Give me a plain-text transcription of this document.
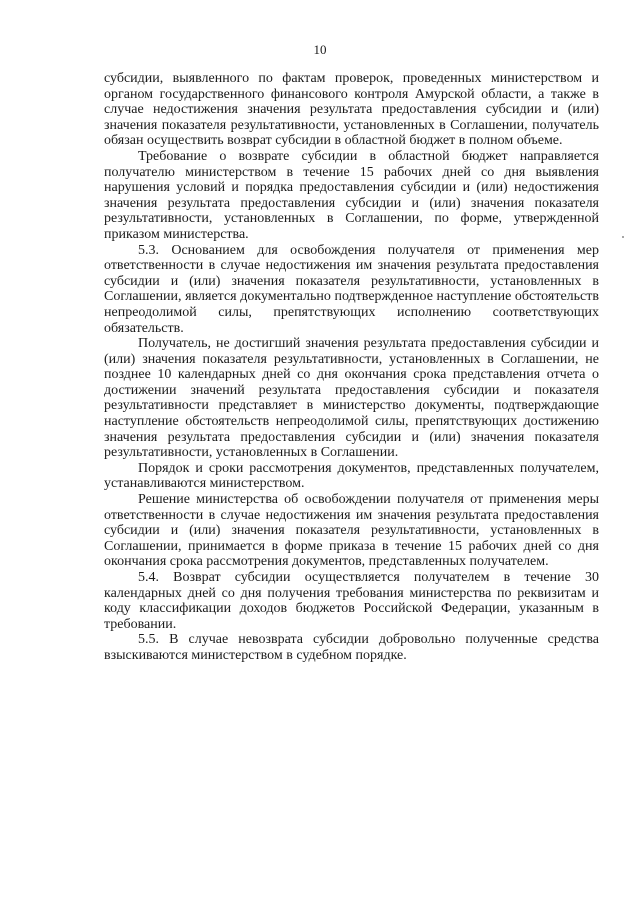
10

субсидии, выявленного по фактам проверок, проведенных министерством и органом государственного финансового контроля Амурской области, а также в случае недостижения значения результата предоставления субсидии и (или) значения показателя результативности, установленных в Соглашении, получатель обязан осуществить возврат субсидии в областной бюджет в полном объеме.

Требование о возврате субсидии в областной бюджет направляется получателю министерством в течение 15 рабочих дней со дня выявления нарушения условий и порядка предоставления субсидии и (или) недостижения значения результата предоставления субсидии и (или) значения показателя результативности, установленных в Соглашении, по форме, утвержденной приказом министерства.

5.3. Основанием для освобождения получателя от применения мер ответственности в случае недостижения им значения результата предоставления субсидии и (или) значения показателя результативности, установленных в Соглашении, является документально подтвержденное наступление обстоятельств непреодолимой силы, препятствующих исполнению соответствующих обязательств.

Получатель, не достигший значения результата предоставления субсидии и (или) значения показателя результативности, установленных в Соглашении, не позднее 10 календарных дней со дня окончания срока представления отчета о достижении значений результата предоставления субсидии и показателя результативности представляет в министерство документы, подтверждающие наступление обстоятельств непреодолимой силы, препятствующих достижению значения результата предоставления субсидии и (или) значения показателя результативности, установленных в Соглашении.

Порядок и сроки рассмотрения документов, представленных получателем, устанавливаются министерством.

Решение министерства об освобождении получателя от применения меры ответственности в случае недостижения им значения результата предоставления субсидии и (или) значения показателя результативности, установленных в Соглашении, принимается в форме приказа в течение 15 рабочих дней со дня окончания срока рассмотрения документов, представленных получателем.

5.4. Возврат субсидии осуществляется получателем в течение 30 календарных дней со дня получения требования министерства по реквизитам и коду классификации доходов бюджетов Российской Федерации, указанным в требовании.

5.5. В случае невозврата субсидии добровольно полученные средства взыскиваются министерством в судебном порядке.
